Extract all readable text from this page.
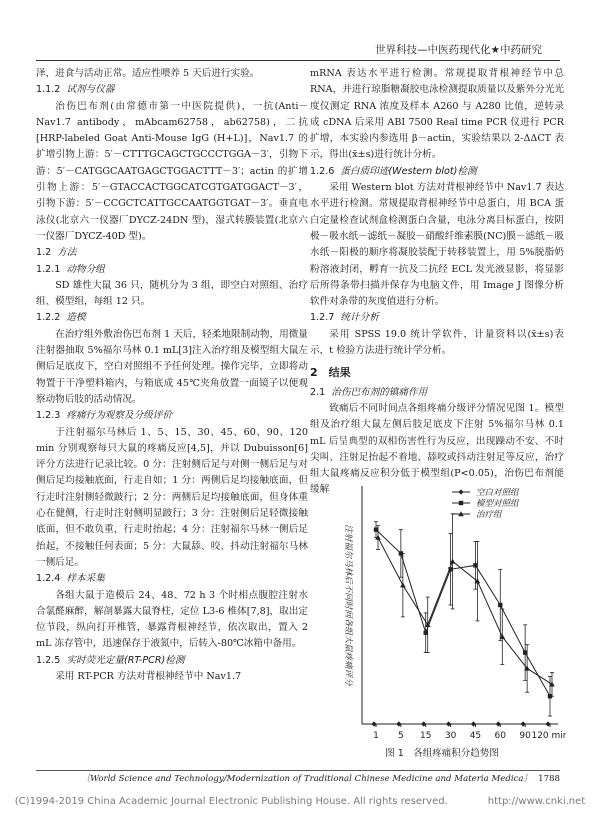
世界科技—中医药现代化★中药研究

泽，进食与活动正常。适应性喂养 5 天后进行实验。

1.1.2 试剂与仪器

治伤巴布剂(由常德市第一中医院提供)，一抗(Anti－Nav1.7 antibody，mAbcam62758，ab62758)，二抗[HRP-labeled Goat Anti-Mouse IgG (H+L)]，Nav1.7 的扩增引物上游：5′－CTTTGCAGCTGCCCTGGA－3′，引物下游：5′－CATGGCAATGAGCTGGACTTT－3′；actin 的扩增引物上游：5′－GTACCACTGGCATCGTGATGGACT－3′，引物下游：5′－CCGCTCATTGCCAATGGTGAT－3′。垂直电泳仪(北京六一仪器厂DYCZ-24DN 型)，湿式转膜装置(北京六一仪器厂DYCZ-40D 型)。

1.2 方法
1.2.1 动物分组

SD 雄性大鼠 36 只，随机分为 3 组，即空白对照组、治疗组、模型组，每组 12 只。

1.2.2 造模

在治疗组外敷治伤巴布剂 1 天后，轻柔地限制动物，用微量注射器抽取 5%福尔马林 0.1 mL[3]注入治疗组及模型组大鼠左侧后足底皮下，空白对照组不予任何处理。操作完毕，立即将动物置于干净塑料箱内，与箱底成 45℃夹角放置一面镜子以便观察动物后肢的活动情况。

1.2.3 疼痛行为观察及分级评价

于注射福尔马林后 1、5、15、30、45、60、90、120 min 分别观察每只大鼠的疼痛反应[4,5]，并以 Dubuisson[6]评分方法进行记录比较。0 分：注射侧后足与对侧一侧后足与对侧后足均接触底面，行走自如；1 分：两侧后足均接触底面，但行走时注射侧轻微跛行；2 分：两侧后足均接触底面，但身体重心在健侧，行走时注射侧明显跛行；3 分：注射侧后足轻微接触底面，但不敢负重，行走时抬起；4 分：注射福尔马林一侧后足抬起，不接触任何表面；5 分：大鼠舔、咬、抖动注射福尔马林一侧后足。

1.2.4 样本采集

各组大鼠于造模后 24、48、72 h 3 个时相点腹腔注射水合氯醛麻醉，解剖暴露大鼠脊柱，定位 L3-6 椎体[7,8]，取出定位节段，纵向打开椎管，暴露背根神经节，依次取出，置入 2 mL 冻存管中，迅速保存于液氮中，后转入-80℃冰箱中备用。

1.2.5 实时荧光定量(RT-PCR)检测

采用 RT-PCR 方法对背根神经节中 Nav1.7

mRNA 表达水平进行检测。常规提取背根神经节中总 RNA，并进行琼脂糖凝胶电泳检测提取质量以及紫外分光光度仪测定 RNA 浓度及样本 A260 与 A280 比值，逆转录成 cDNA 后采用 ABI 7500 Real time PCR 仪进行 PCR 扩增，本实验内参选用 β－actin，实验结果以 2-ΔΔCT 表示，得出(x̄±s)进行统计分析。

1.2.6 蛋白质印迹(Western blot)检测

采用 Western blot 方法对背根神经节中 Nav1.7 表达水平进行检测。常规提取背根神经节中总蛋白，用 BCA 蛋白定量检查试剂盒检测蛋白含量，电泳分离目标蛋白，按阴极－吸水纸－滤纸－凝胶－硝酸纤维素膜(NC)膜－滤纸－吸水纸－阳极的顺序将凝胶装配于转移装置上，用 5%脱脂奶粉溶液封闭，孵育一抗及二抗经 ECL 发光液显影，将显影后所得条带扫描并保存为电脑文件，用 Image J 图像分析软件对条带的灰度值进行分析。

1.2.7 统计分析

采用 SPSS 19.0 统计学软件，计量资料以(x̄±s)表示，t 检验方法进行统计学分析。

2　 结果
2.1 治伤巴布剂的镇痛作用

致痛后不同时间点各组疼痛分级评分情况见图 1。模型组及治疗组大鼠左侧后肢足底皮下注射 5%福尔马林 0.1 mL 后呈典型的双相伤害性行为反应，出现躁动不安、不时尖叫、注射足抬起不着地、舔咬或抖动注射足等反应，治疗组大鼠疼痛反应积分低于模型组(P<0.05)，治伤巴布剂能缓解

注射福尔马林后不同时间各组大鼠疼痛评分
1 5 15 30 45 60 90 120 min
空白对照组
模型对照组
治疗组
图 1　各组疼痛积分趋势图
〔World Science and Technology/Modernization of Traditional Chinese Medicine and Materia Medica〕 1788
(C)1994-2019 China Academic Journal Electronic Publishing House. All rights reserved.	http://www.cnki.net
